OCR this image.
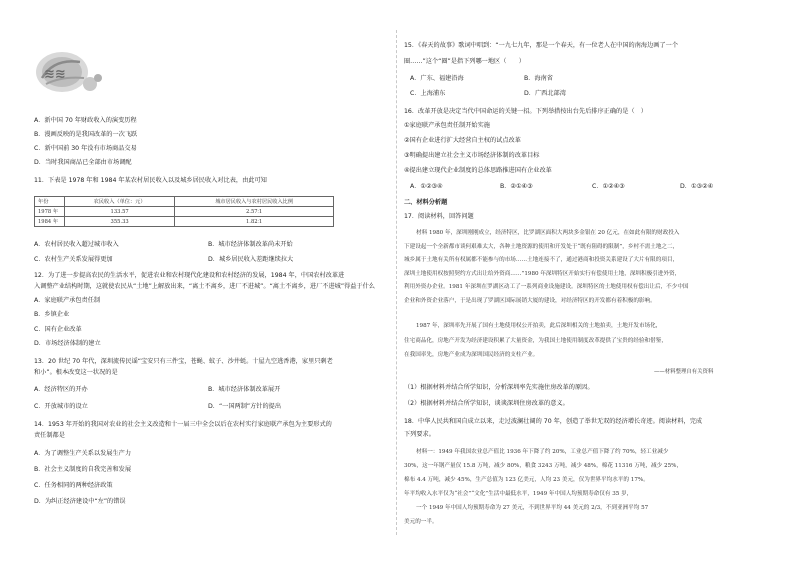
≋≋
A．新中国 70 年财政收入的演变历程
B．漫画反映的是我国改革的一次飞跃
C．新中国前 30 年没有市场商品交易
D．当时我国商品已全部由市场调配
11．下表是 1978 年和 1984 年某农村居民收入以及城乡居民收入对比表，由此可知
A．农村居民收入超过城市收入	B．城市经济体制改革尚未开始
C．农村生产关系发展得更加	D．城乡居民收入差距继续拉大
12．为了进一步提高农民的生活水平，促进农业和农村现代化建设和农村经济的发展，1984 年，中国农村改革进
入调整产业结构时期，这就使农民从“土地”上解放出来，“离土不离乡，进厂不进城”。“离土不离乡，进厂不进城”得益于什么
A．家庭联产承包责任制
B．乡镇企业
C．国有企业改革
D．市场经济体制的建立
13．20 世纪 70 年代，深圳流传民谣“宝安只有三件宝，苍蝇、蚊子、沙井蚝。十屋九空逃香港，家里只剩老
和小”。根本改变这一状况的是
A．经济特区的开办	B．城市经济体制改革展开
C．开放城市的设立	D．“一国两制”方针的提出
14．1953 年开始的我国对农业的社会主义改造和十一届三中全会以后在农村实行家庭联产承包为主要形式的
责任制都是
A．为了调整生产关系以发展生产力
B．社会主义制度的自我完善和发展
C．任务相同的两种经济政策
D．为纠正经济建设中“左”的错误
年份	农民收入（单位：元）	城市居民收入与农村居民收入比例
1978 年	133.57	2.57∶1
1984 年	355.33	1.82∶1
15．《春天的故事》歌词中唱到：“一九七九年，那是一个春天，有一位老人在中国的南海边画了一个
圈……”这个“圈”是指下列哪一地区（　　）
A．广东、福建沿海	B．海南省
C．上海浦东	D．广西北部湾
16．改革开放是决定当代中国命运的关键一招。下列举措按出台先后排序正确的是（　）
①家庭联产承包责任制开始实施
②国有企业进行扩大经营自主权的试点改革
③明确提出建立社会主义市场经济体制的改革目标
④提出建立现代企业制度的总体思路推进国有企业改革
A．①②③④	B．②①④③	C．①②④③	D．①③②④
二、材料分析题
17．阅读材料，回答问题
材料 1980 年，深圳刚刚成立，经济特区，比罗湖区面积大两块多金银在 20 亿元，在如此有限的财政投入
下建设起一个全新都市谈何艰难太大，各种土地资源的使用和开发处于“既有阻碍的限制”，乡村不需土地之二，
城乡属于土地有关所有权属都不能参与的市场……土地连接不了，通过港商和投资关系建设了大片有限的项目，
深圳土地使用权按照契约方式出让给外资商……”1980 年深圳特区开始实行有偿使用土地，深圳积极引进外资，
利用外资办企业。1981 年深圳在罗湖区动工了一系列商业设施建设。深圳特区的土地使用权有偿出让后，不少中国
企业和外资企业落户，于是出现了罗湖区国际展销大厦的建设，对经济特区的开发都有着积极的影响。
1987 年，深圳率先开展了国有土地使用权公开拍卖，此后深圳相关的土地拍卖，土地开发市场化，
住宅商品化，房地产开发为经济建设积累了大量资金，为我国土地使用制度改革提供了宝贵的经验和借鉴，
在我国率先，房地产业成为深圳国民经济的支柱产业。
（1）根据材料并结合所学知识，分析深圳率先实施住房改革的原因。
（2）根据材料并结合所学知识，谈谈深圳住房改革的意义。
18．中华人民共和国自成立以来，走过波澜壮阔的 70 年，创造了举世无双的经济增长奇迹。阅读材料，完成
下列要求。
材料一：1949 年我国农业总产值比 1936 年下降了约 20%，工业总产值下降了约 70%，轻工业减少
30%，这一年钢产量仅 15.8 万吨，减少 80%，粮食 3243 万吨，减少 48%，棉花 11316 万吨，减少 25%，
棉布 4.4 万吨，减少 45%，生产总值为 123 亿美元，人均 23 美元，仅为世界平均水平的 17%。
年平均收入水平仅为“社会”“文化”生活中最低水平，1949 年中国人均预期寿命仅有 35 岁，
一个 1949 年中国人均预期寿命为 27 美元，不到世界平均 44 美元的 2/3，不到亚洲平均 57
美元的一半。
——材料整理自有关资料
